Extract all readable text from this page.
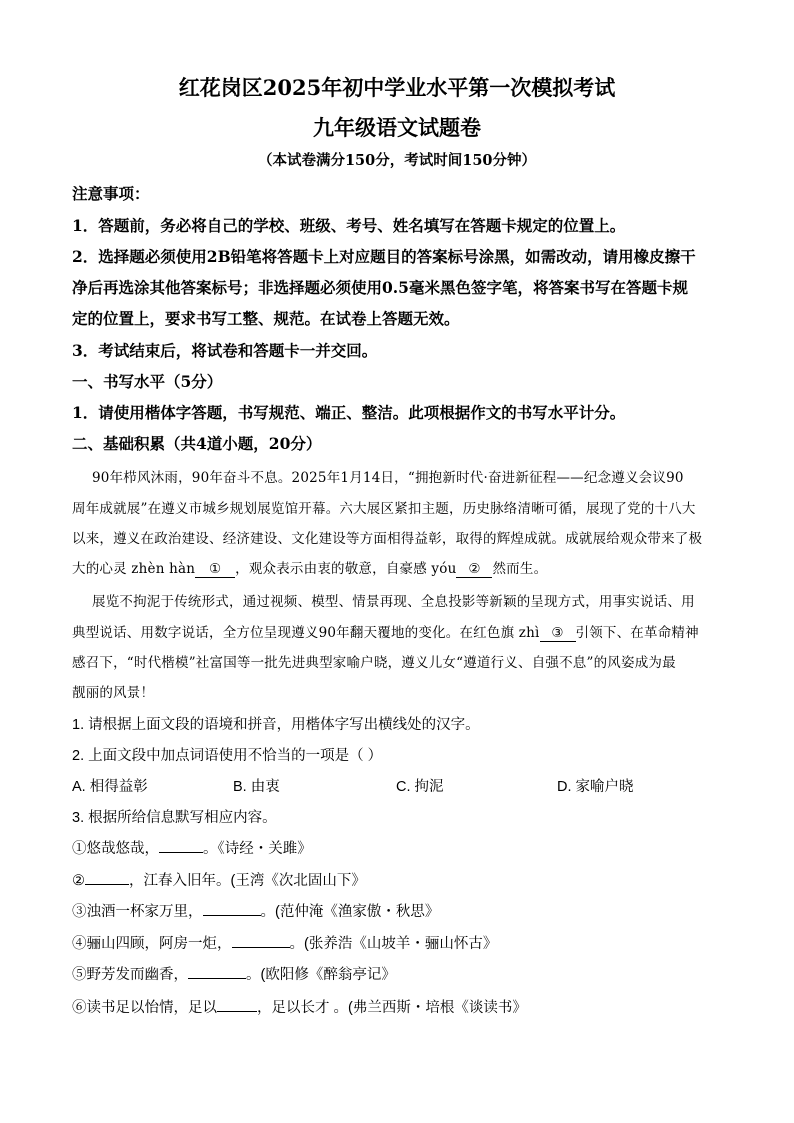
红花岗区2025年初中学业水平第一次模拟考试
九年级语文试题卷
（本试卷满分150分，考试时间150分钟）
注意事项：
1．答题前，务必将自己的学校、班级、考号、姓名填写在答题卡规定的位置上。
2．选择题必须使用2B铅笔将答题卡上对应题目的答案标号涂黑，如需改动，请用橡皮擦干
净后再选涂其他答案标号；非选择题必须使用0.5毫米黑色签字笔，将答案书写在答题卡规
定的位置上，要求书写工整、规范。在试卷上答题无效。
3．考试结束后，将试卷和答题卡一并交回。
一、书写水平（5分）
1．请使用楷体字答题，书写规范、端正、整洁。此项根据作文的书写水平计分。
二、基础积累（共4道小题，20分）
90年栉风沐雨，90年奋斗不息。2025年1月14日，“拥抱新时代·奋进新征程——纪念遵义会议90
周年成就展”在遵义市城乡规划展览馆开幕。六大展区紧扣主题，历史脉络清晰可循，展现了党的十八大
以来，遵义在政治建设、经济建设、文化建设等方面相得益彰，取得的辉煌成就。成就展给观众带来了极
大的心灵 zhèn hàn ① ，观众表示由衷的敬意，自豪感 yóu ② 然而生。
展览不拘泥于传统形式，通过视频、模型、情景再现、全息投影等新颖的呈现方式，用事实说话、用
典型说话、用数字说话，全方位呈现遵义90年翻天覆地的变化。在红色旗 zhì ③ 引领下、在革命精神
感召下，“时代楷模”社富国等一批先进典型家喻户晓，遵义儿女“遵道行义、自强不息”的风姿成为最
靓丽的风景！
1. 请根据上面文段的语境和拼音，用楷体字写出横线处的汉字。
2. 上面文段中加点词语使用不恰当的一项是（ ）
A. 相得益彰	B. 由衷	C. 拘泥	D. 家喻户晓
3. 根据所给信息默写相应内容。
①悠哉悠哉，	。《诗经・关雎》
②	，江春入旧年。(王湾《次北固山下》
③浊酒一杯家万里，	。(范仲淹《渔家傲・秋思》
④骊山四顾，阿房一炬，	。(张养浩《山坡羊・骊山怀古》
⑤野芳发而幽香，	。(欧阳修《醉翁亭记》
⑥读书足以怡情，足以	，足以长才 。(弗兰西斯・培根《谈读书》
